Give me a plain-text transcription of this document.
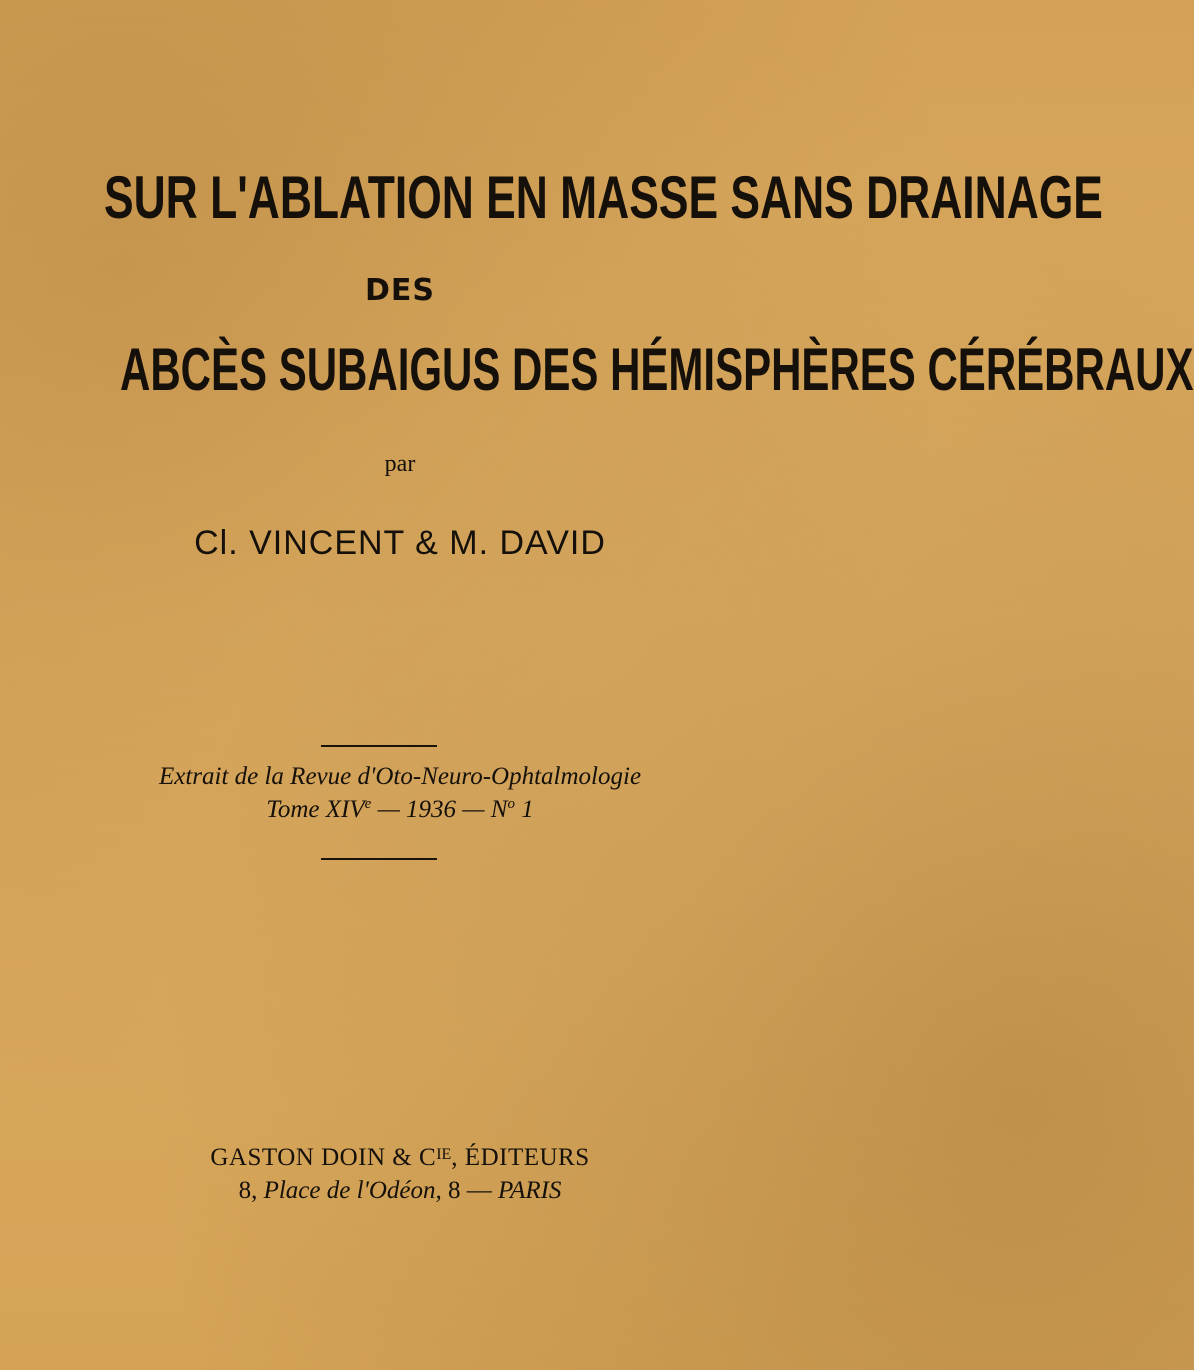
SUR L'ABLATION EN MASSE SANS DRAINAGE
DES
ABCÈS SUBAIGUS DES HÉMISPHÈRES CÉRÉBRAUX
par
Cl. VINCENT & M. DAVID
Extrait de la Revue d'Oto-Neuro-Ophtalmologie
Tome XIVe — 1936 — $N^o$ 1
GASTON DOIN & $C^{IE}$, ÉDITEURS
8, Place de l'Odéon, 8 — PARIS
